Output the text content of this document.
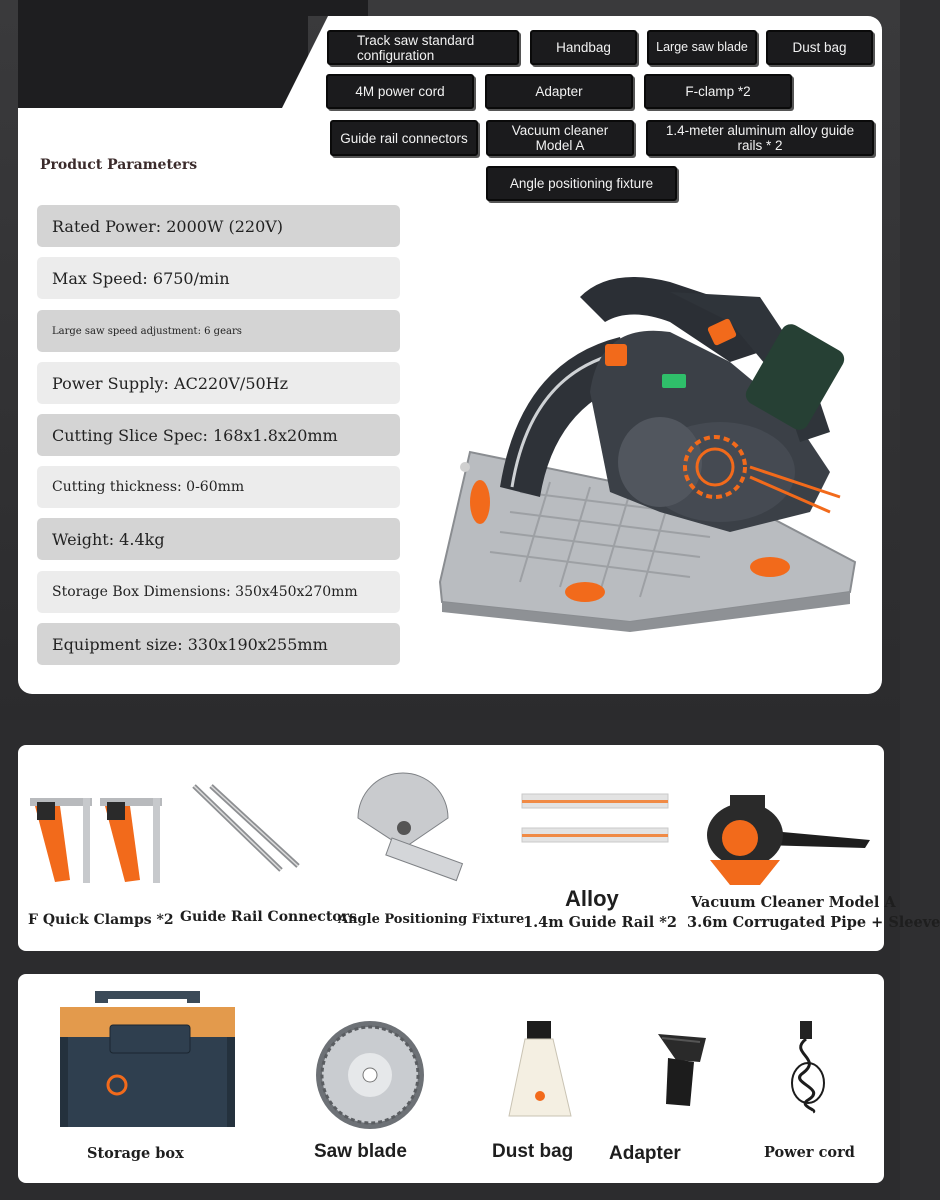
Track saw standard configuration	Handbag	Large saw blade	Dust bag
4M power cord	Adapter	F-clamp *2
Guide rail connectors	Vacuum cleaner Model A
1.4-meter aluminum alloy guide rails * 2
Angle positioning fixture
Product Parameters
Rated Power: 2000W (220V)
Max Speed: 6750/min
Large saw speed adjustment: 6 gears
Power Supply: AC220V/50Hz
Cutting Slice Spec: 168x1.8x20mm
Cutting thickness: 0-60mm
Weight: 4.4kg
Storage Box Dimensions: 350x450x270mm
Equipment size: 330x190x255mm
F Quick Clamps *2 Guide Rail Connectors
Angle Positioning Fixture
Alloy
1.4m Guide Rail *2 3.6m Corrugated Pipe + Sleeve
Vacuum Cleaner Model A
Storage box	Saw blade	Dust bag Adapter	Power cord
